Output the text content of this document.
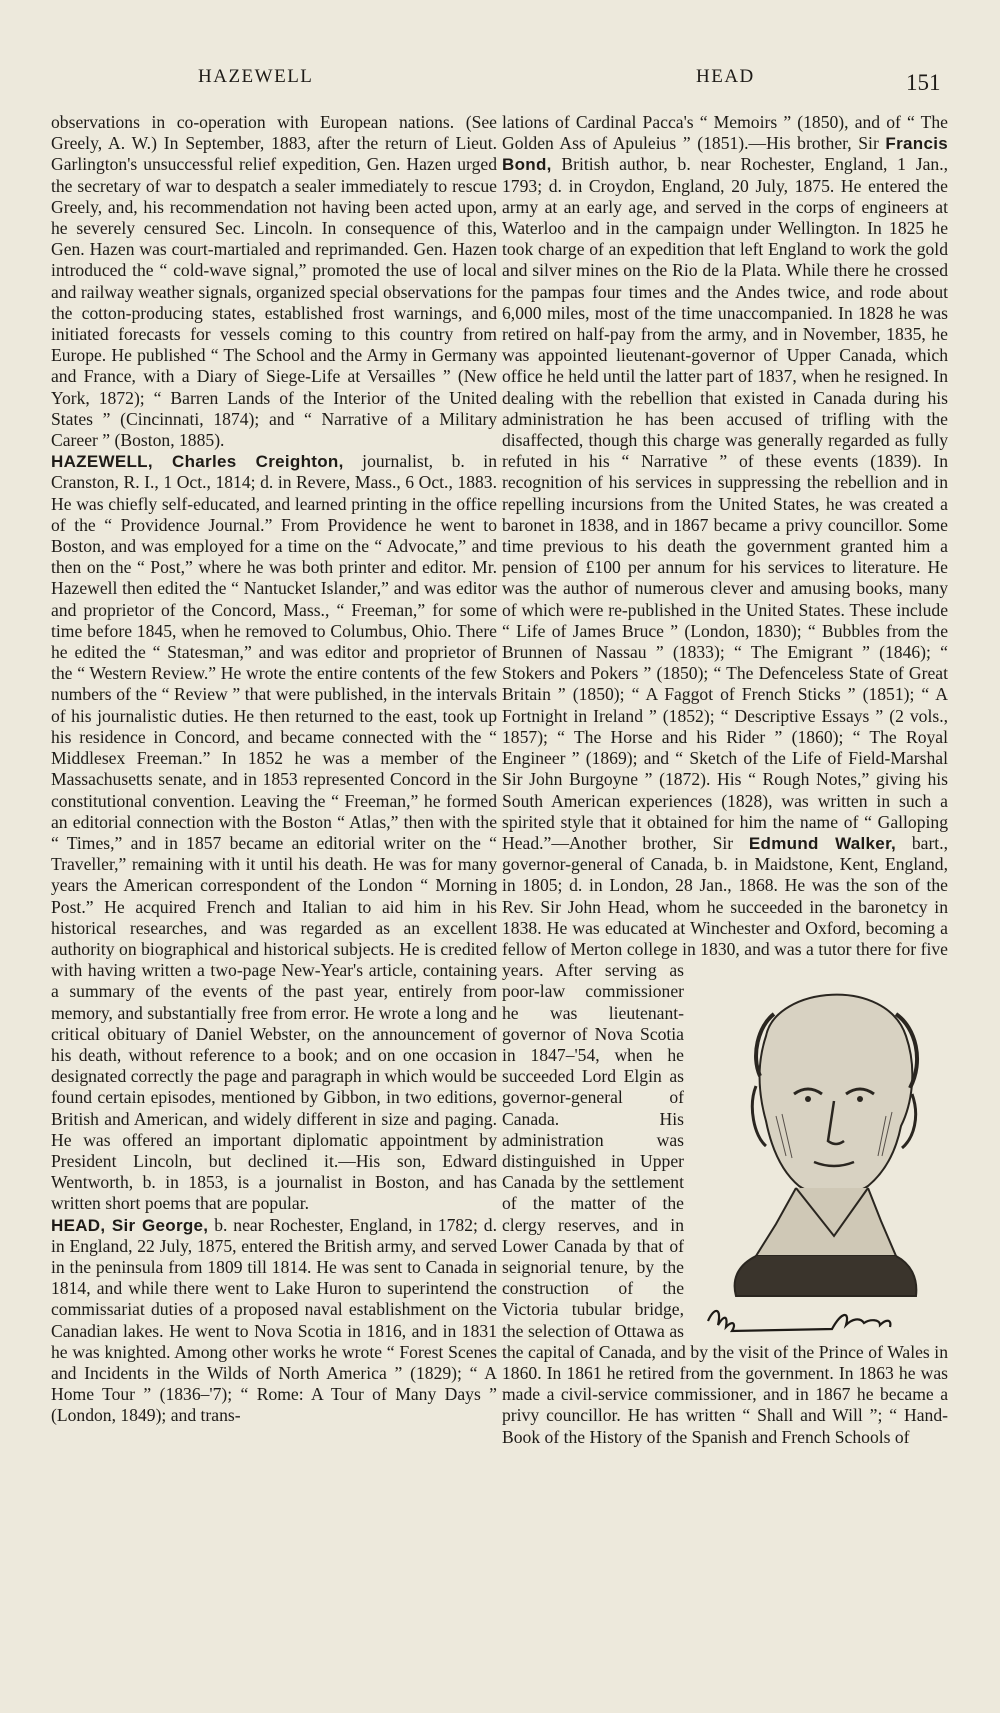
HAZEWELL	HEAD	151

observations in co-operation with European nations. (See Greely, A. W.) In September, 1883, after the return of Lieut. Garlington's unsuccessful relief expedition, Gen. Hazen urged the secretary of war to despatch a sealer immediately to rescue Greely, and, his recommendation not having been acted upon, he severely censured Sec. Lincoln. In consequence of this, Gen. Hazen was court-martialed and reprimanded. Gen. Hazen introduced the “ cold-wave signal,” promoted the use of local and railway weather signals, organized special observations for the cotton-producing states, established frost warnings, and initiated forecasts for vessels coming to this country from Europe. He published “ The School and the Army in Germany and France, with a Diary of Siege-Life at Versailles ” (New York, 1872); “ Barren Lands of the Interior of the United States ” (Cincinnati, 1874); and “ Narrative of a Military Career ” (Boston, 1885).

HAZEWELL, Charles Creighton, journalist, b. in Cranston, R. I., 1 Oct., 1814; d. in Revere, Mass., 6 Oct., 1883. He was chiefly self-educated, and learned printing in the office of the “ Providence Journal.” From Providence he went to Boston, and was employed for a time on the “ Advocate,” and then on the “ Post,” where he was both printer and editor. Mr. Hazewell then edited the “ Nantucket Islander,” and was editor and proprietor of the Concord, Mass., “ Freeman,” for some time before 1845, when he removed to Columbus, Ohio. There he edited the “ Statesman,” and was editor and proprietor of the “ Western Review.” He wrote the entire contents of the few numbers of the “ Review ” that were published, in the intervals of his journalistic duties. He then returned to the east, took up his residence in Concord, and became connected with the “ Middlesex Freeman.” In 1852 he was a member of the Massachusetts senate, and in 1853 represented Concord in the constitutional convention. Leaving the “ Freeman,” he formed an editorial connection with the Boston “ Atlas,” then with the “ Times,” and in 1857 became an editorial writer on the “ Traveller,” remaining with it until his death. He was for many years the American correspondent of the London “ Morning Post.” He acquired French and Italian to aid him in his historical researches, and was regarded as an excellent authority on biographical and historical subjects. He is credited with having written a two-page New-Year's article, containing a summary of the events of the past year, entirely from memory, and substantially free from error. He wrote a long and critical obituary of Daniel Webster, on the announcement of his death, without reference to a book; and on one occasion designated correctly the page and paragraph in which would be found certain episodes, mentioned by Gibbon, in two editions, British and American, and widely different in size and paging. He was offered an important diplomatic appointment by President Lincoln, but declined it.—His son, Edward Wentworth, b. in 1853, is a journalist in Boston, and has written short poems that are popular.

HEAD, Sir George, b. near Rochester, England, in 1782; d. in England, 22 July, 1875, entered the British army, and served in the peninsula from 1809 till 1814. He was sent to Canada in 1814, and while there went to Lake Huron to superintend the commissariat duties of a proposed naval establishment on the Canadian lakes. He went to Nova Scotia in 1816, and in 1831 he was knighted. Among other works he wrote “ Forest Scenes and Incidents in the Wilds of North America ” (1829); “ A Home Tour ” (1836–'7); “ Rome: A Tour of Many Days ” (London, 1849); and trans-

lations of Cardinal Pacca's “ Memoirs ” (1850), and of “ The Golden Ass of Apuleius ” (1851).—His brother, Sir Francis Bond, British author, b. near Rochester, England, 1 Jan., 1793; d. in Croydon, England, 20 July, 1875. He entered the army at an early age, and served in the corps of engineers at Waterloo and in the campaign under Wellington. In 1825 he took charge of an expedition that left England to work the gold and silver mines on the Rio de la Plata. While there he crossed the pampas four times and the Andes twice, and rode about 6,000 miles, most of the time unaccompanied. In 1828 he was retired on half-pay from the army, and in November, 1835, he was appointed lieutenant-governor of Upper Canada, which office he held until the latter part of 1837, when he resigned. In dealing with the rebellion that existed in Canada during his administration he has been accused of trifling with the disaffected, though this charge was generally regarded as fully refuted in his “ Narrative ” of these events (1839). In recognition of his services in suppressing the rebellion and in repelling incursions from the United States, he was created a baronet in 1838, and in 1867 became a privy councillor. Some time previous to his death the government granted him a pension of £100 per annum for his services to literature. He was the author of numerous clever and amusing books, many of which were re-published in the United States. These include “ Life of James Bruce ” (London, 1830); “ Bubbles from the Brunnen of Nassau ” (1833); “ The Emigrant ” (1846); “ Stokers and Pokers ” (1850); “ The Defenceless State of Great Britain ” (1850); “ A Faggot of French Sticks ” (1851); “ A Fortnight in Ireland ” (1852); “ Descriptive Essays ” (2 vols., 1857); “ The Horse and his Rider ” (1860); “ The Royal Engineer ” (1869); and “ Sketch of the Life of Field-Marshal Sir John Burgoyne ” (1872). His “ Rough Notes,” giving his South American experiences (1828), was written in such a spirited style that it obtained for him the name of “ Galloping Head.”—Another brother, Sir Edmund Walker, bart., governor-general of Canada, b. in Maidstone, Kent, England, in 1805; d. in London, 28 Jan., 1868. He was the son of the Rev. Sir John Head, whom he succeeded in the baronetcy in 1838. He was educated at Winchester and Oxford, becoming a fellow of Merton college in 1830, and was a
tutor there for five years. After serving as poor-law commissioner he was lieutenant-governor of Nova Scotia in 1847–'54, when he succeeded Lord Elgin as governor-general of Canada. His administration was distinguished in Upper Canada by the settlement of the matter of the clergy reserves, and in Lower Canada by that of seignorial tenure, by the construction of the Victoria tubular bridge, the selection of Ottawa as the capital of Canada, and by the visit of the Prince of Wales in 1860. In 1861 he retired from the government. In 1863 he was made a civil-service commissioner, and in 1867 he became a privy councillor. He has written “ Shall and Will ”; “ Hand-Book of the History of the Spanish and French Schools of
